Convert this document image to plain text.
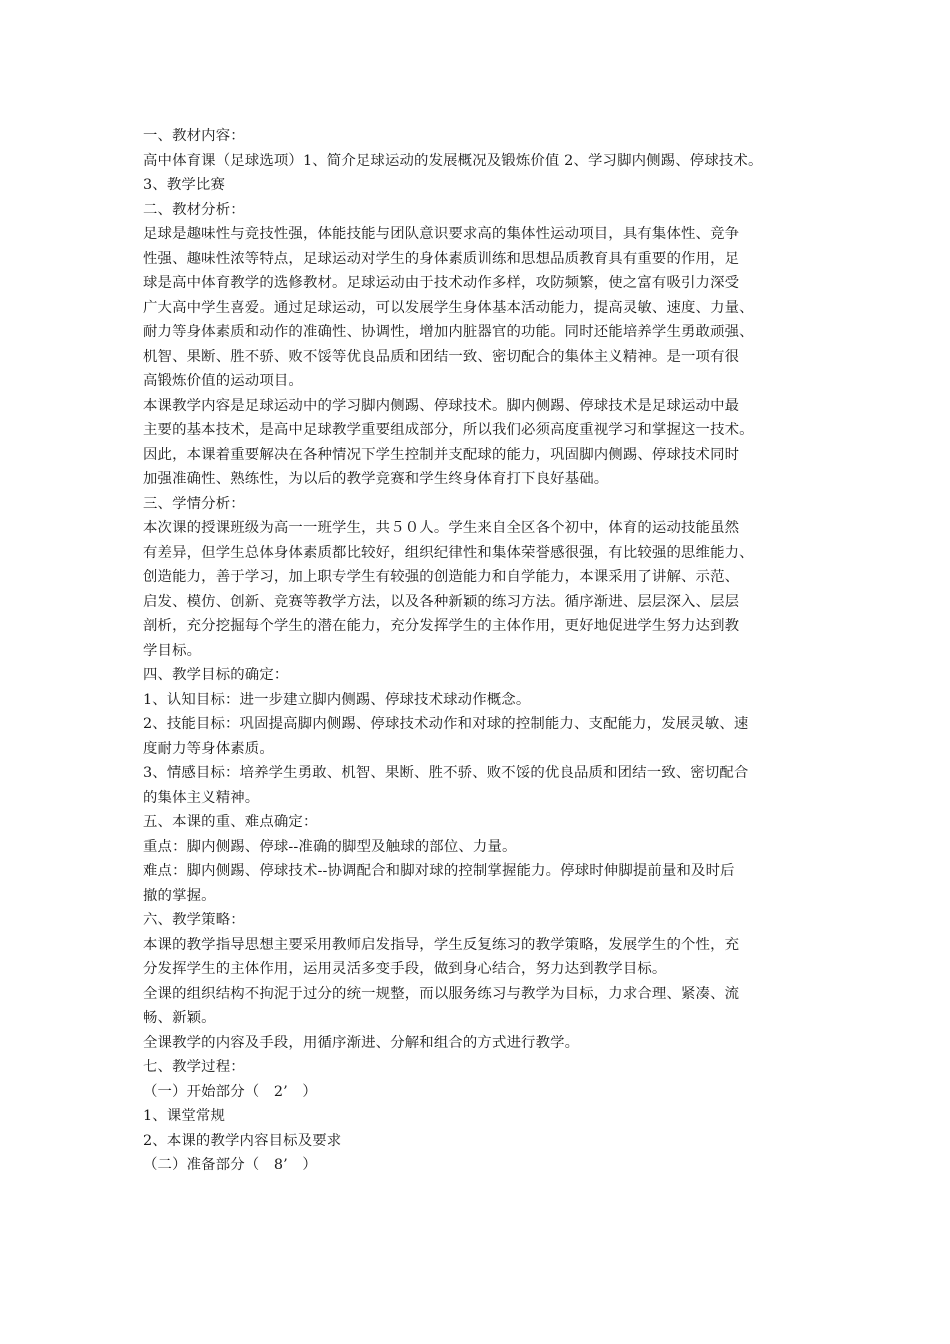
一、教材内容：

高中体育课（足球选项）1、简介足球运动的发展概况及锻炼价值 2、学习脚内侧踢、停球技术。

3、教学比赛

二、教材分析：

足球是趣味性与竞技性强，体能技能与团队意识要求高的集体性运动项目，具有集体性、竞争

性强、趣味性浓等特点，足球运动对学生的身体素质训练和思想品质教育具有重要的作用，足

球是高中体育教学的选修教材。足球运动由于技术动作多样，攻防频繁，使之富有吸引力深受

广大高中学生喜爱。通过足球运动，可以发展学生身体基本活动能力，提高灵敏、速度、力量、

耐力等身体素质和动作的准确性、协调性，增加内脏器官的功能。同时还能培养学生勇敢顽强、

机智、果断、胜不骄、败不馁等优良品质和团结一致、密切配合的集体主义精神。是一项有很

高锻炼价值的运动项目。

本课教学内容是足球运动中的学习脚内侧踢、停球技术。脚内侧踢、停球技术是足球运动中最

主要的基本技术，是高中足球教学重要组成部分，所以我们必须高度重视学习和掌握这一技术。

因此，本课着重要解决在各种情况下学生控制并支配球的能力，巩固脚内侧踢、停球技术同时

加强准确性、熟练性，为以后的教学竞赛和学生终身体育打下良好基础。

三、学情分析：

本次课的授课班级为高一一班学生，共５０人。学生来自全区各个初中，体育的运动技能虽然

有差异，但学生总体身体素质都比较好，组织纪律性和集体荣誉感很强，有比较强的思维能力、

创造能力，善于学习，加上职专学生有较强的创造能力和自学能力，本课采用了讲解、示范、

启发、模仿、创新、竞赛等教学方法，以及各种新颖的练习方法。循序渐进、层层深入、层层

剖析，充分挖掘每个学生的潜在能力，充分发挥学生的主体作用，更好地促进学生努力达到教

学目标。

四、教学目标的确定：

1、认知目标：进一步建立脚内侧踢、停球技术球动作概念。

2、技能目标：巩固提高脚内侧踢、停球技术动作和对球的控制能力、支配能力，发展灵敏、速

度耐力等身体素质。

3、情感目标：培养学生勇敢、机智、果断、胜不骄、败不馁的优良品质和团结一致、密切配合

的集体主义精神。

五、本课的重、难点确定：

重点：脚内侧踢、停球--准确的脚型及触球的部位、力量。

难点：脚内侧踢、停球技术--协调配合和脚对球的控制掌握能力。停球时伸脚提前量和及时后

撤的掌握。

六、教学策略：

本课的教学指导思想主要采用教师启发指导，学生反复练习的教学策略，发展学生的个性，充

分发挥学生的主体作用，运用灵活多变手段，做到身心结合，努力达到教学目标。

全课的组织结构不拘泥于过分的统一规整，而以服务练习与教学为目标，力求合理、紧凑、流

畅、新颖。

全课教学的内容及手段，用循序渐进、分解和组合的方式进行教学。

七、教学过程：

（一）开始部分（　2’　）

1、课堂常规

2、本课的教学内容目标及要求

（二）准备部分（　8’　）
